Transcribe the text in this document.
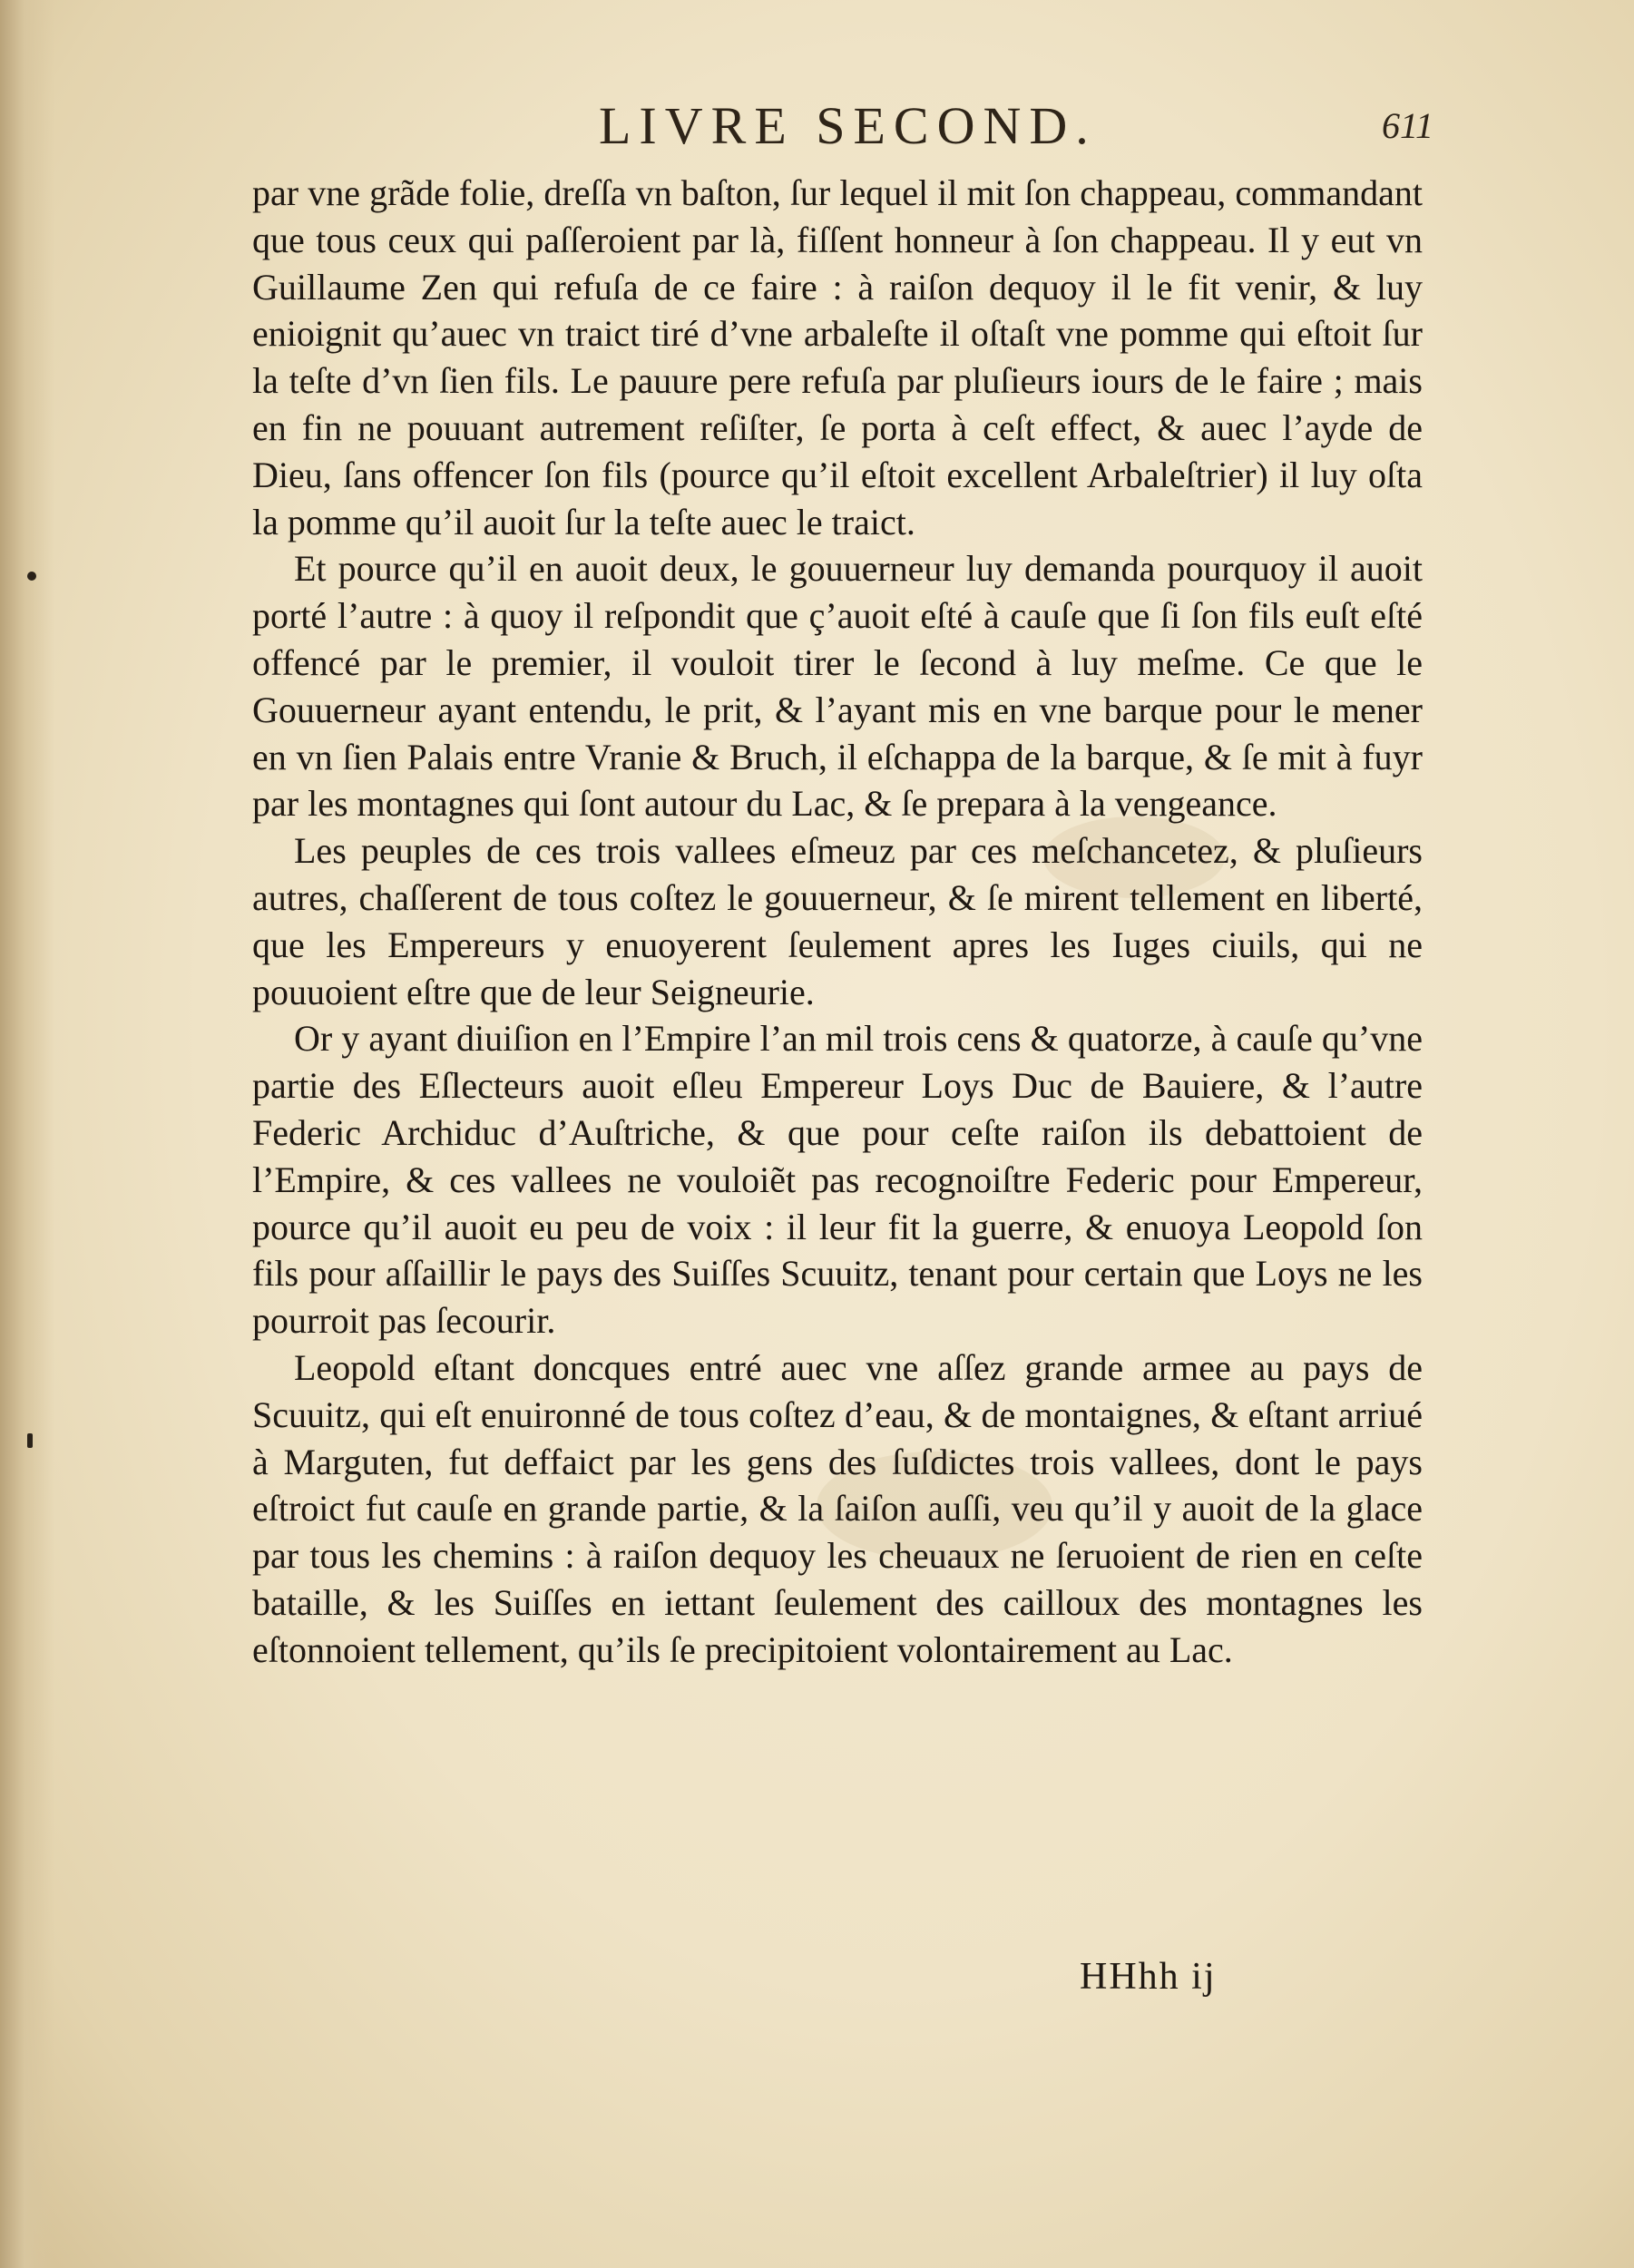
LIVRE SECOND.	611

par vne grãde folie, dreſſa vn baſton, ſur lequel il mit ſon chappeau, commandant que tous ceux qui paſſeroient par là, fiſſent honneur à ſon chappeau. Il y eut vn Guillaume Zen qui refuſa de ce faire : à raiſon dequoy il le fit venir, & luy enioignit qu’auec vn traict tiré d’vne arbaleſte il oſtaſt vne pomme qui eſtoit ſur la teſte d’vn ſien fils. Le pauure pere refuſa par pluſieurs iours de le faire ; mais en fin ne pouuant autrement reſiſter, ſe porta à ceſt effect, & auec l’ayde de Dieu, ſans offencer ſon fils (pource qu’il eſtoit excellent Arbaleſtrier) il luy oſta la pomme qu’il auoit ſur la teſte auec le traict.

Et pource qu’il en auoit deux, le gouuerneur luy demanda pourquoy il auoit porté l’autre : à quoy il reſpondit que ç’auoit eſté à cauſe que ſi ſon fils euſt eſté offencé par le premier, il vouloit tirer le ſecond à luy meſme. Ce que le Gouuerneur ayant entendu, le prit, & l’ayant mis en vne barque pour le mener en vn ſien Palais entre Vranie & Bruch, il eſchappa de la barque, & ſe mit à fuyr par les montagnes qui ſont autour du Lac, & ſe prepara à la vengeance.

Les peuples de ces trois vallees eſmeuz par ces meſchancetez, & pluſieurs autres, chaſſerent de tous coſtez le gouuerneur, & ſe mirent tellement en liberté, que les Empereurs y enuoyerent ſeulement apres les Iuges ciuils, qui ne pouuoient eſtre que de leur Seigneurie.

Or y ayant diuiſion en l’Empire l’an mil trois cens & quatorze, à cauſe qu’vne partie des Eſlecteurs auoit eſleu Empereur Loys Duc de Bauiere, & l’autre Federic Archiduc d’Auſtriche, & que pour ceſte raiſon ils debattoient de l’Empire, & ces vallees ne vouloiẽt pas recognoiſtre Federic pour Empereur, pource qu’il auoit eu peu de voix : il leur fit la guerre, & enuoya Leopold ſon fils pour aſſaillir le pays des Suiſſes Scuuitz, tenant pour certain que Loys ne les pourroit pas ſecourir.

Leopold eſtant doncques entré auec vne aſſez grande armee au pays de Scuuitz, qui eſt enuironné de tous coſtez d’eau, & de montaignes, & eſtant arriué à Marguten, fut deffaict par les gens des ſuſdictes trois vallees, dont le pays eſtroict fut cauſe en grande partie, & la ſaiſon auſſi, veu qu’il y auoit de la glace par tous les chemins : à raiſon dequoy les cheuaux ne ſeruoient de rien en ceſte bataille, & les Suiſſes en iettant ſeulement des cailloux des montagnes les eſtonnoient tellement, qu’ils ſe precipitoient volontairement au Lac.

HHhh ij
